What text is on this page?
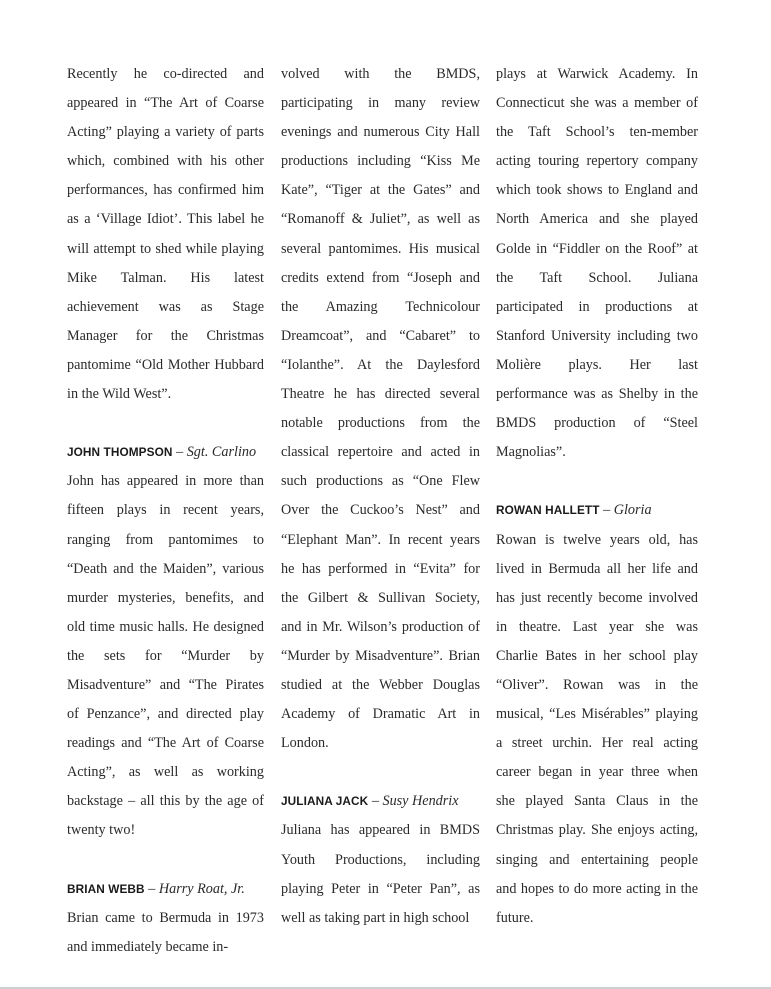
Recently he co-directed and appeared in “The Art of Coarse Acting” playing a variety of parts which, combined with his other performances, has confirmed him as a ‘Village Idiot’. This label he will attempt to shed while playing Mike Talman. His latest achievement was as Stage Manager for the Christmas pantomime “Old Mother Hubbard in the Wild West”.

JOHN THOMPSON – Sgt. Carlino

John has appeared in more than fifteen plays in recent years, ranging from pantomimes to “Death and the Maiden”, various murder mysteries, benefits, and old time music halls. He designed the sets for “Murder by Misadventure” and “The Pirates of Penzance”, and directed play readings and “The Art of Coarse Acting”, as well as working backstage – all this by the age of twenty two!

BRIAN WEBB – Harry Roat, Jr.

Brian came to Bermuda in 1973 and immediately became in-

volved with the BMDS, participating in many review evenings and numerous City Hall productions including “Kiss Me Kate”, “Tiger at the Gates” and “Romanoff & Juliet”, as well as several pantomimes. His musical credits extend from “Joseph and the Amazing Technicolour Dreamcoat”, and “Cabaret” to “Iolanthe”. At the Daylesford Theatre he has directed several notable productions from the classical repertoire and acted in such productions as “One Flew Over the Cuckoo’s Nest” and “Elephant Man”. In recent years he has performed in “Evita” for the Gilbert & Sullivan Society, and in Mr. Wilson’s production of “Murder by Misadventure”. Brian studied at the Webber Douglas Academy of Dramatic Art in London.

JULIANA JACK – Susy Hendrix

Juliana has appeared in BMDS Youth Productions, including playing Peter in “Peter Pan”, as well as taking part in high school

plays at Warwick Academy. In Connecticut she was a member of the Taft School’s ten-member acting touring repertory company which took shows to England and North America and she played Golde in “Fiddler on the Roof” at the Taft School. Juliana participated in productions at Stanford University including two Molière plays. Her last performance was as Shelby in the BMDS production of “Steel Magnolias”.

ROWAN HALLETT – Gloria

Rowan is twelve years old, has lived in Bermuda all her life and has just recently become involved in theatre. Last year she was Charlie Bates in her school play “Oliver”. Rowan was in the musical, “Les Misérables” playing a street urchin. Her real acting career began in year three when she played Santa Claus in the Christmas play. She enjoys acting, singing and entertaining people and hopes to do more acting in the future.
